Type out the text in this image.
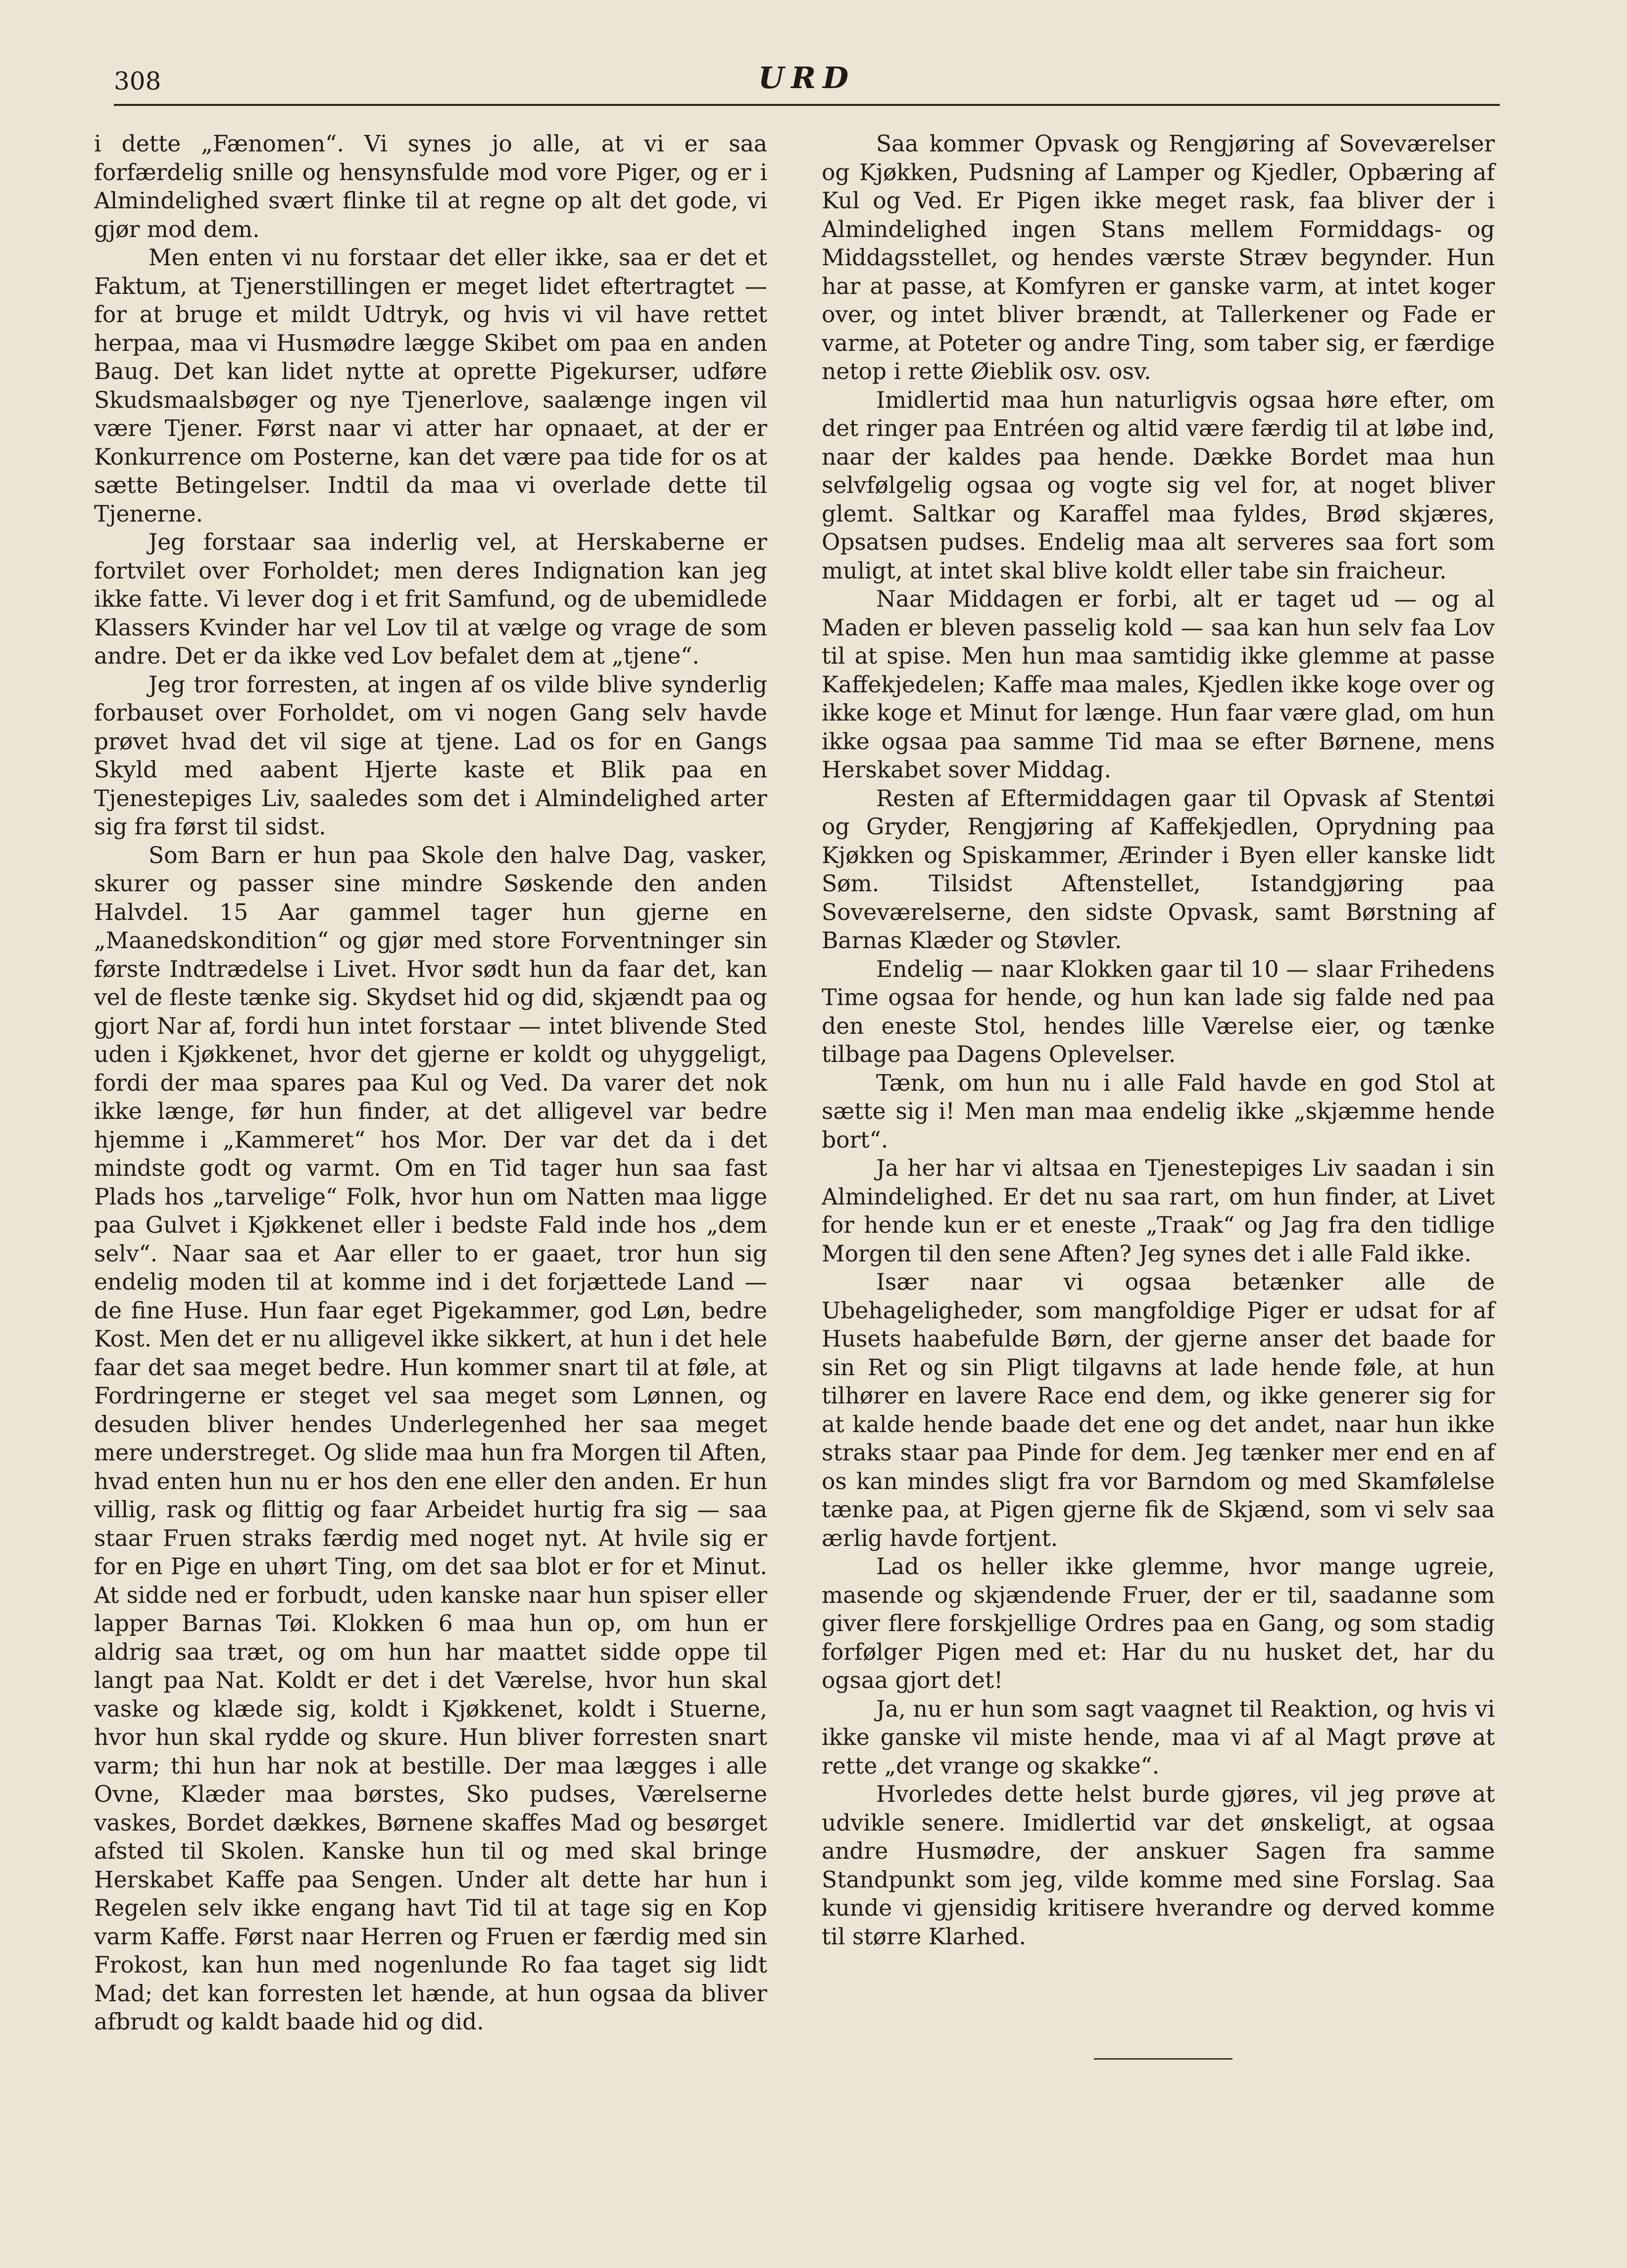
308	URD

i dette „Fænomen“. Vi synes jo alle, at vi er saa forfærdelig snille og hensynsfulde mod vore Piger, og er i Almindelighed svært flinke til at regne op alt det gode, vi gjør mod dem.

Men enten vi nu forstaar det eller ikke, saa er det et Faktum, at Tjenerstillingen er meget lidet eftertragtet — for at bruge et mildt Udtryk, og hvis vi vil have rettet herpaa, maa vi Husmødre lægge Skibet om paa en anden Baug. Det kan lidet nytte at oprette Pigekurser, udføre Skudsmaalsbøger og nye Tjenerlove, saalænge ingen vil være Tjener. Først naar vi atter har opnaaet, at der er Konkurrence om Posterne, kan det være paa tide for os at sætte Betingelser. Indtil da maa vi overlade dette til Tjenerne.

Jeg forstaar saa inderlig vel, at Herskaberne er fortvilet over Forholdet; men deres Indignation kan jeg ikke fatte. Vi lever dog i et frit Samfund, og de ubemidlede Klassers Kvinder har vel Lov til at vælge og vrage de som andre. Det er da ikke ved Lov befalet dem at „tjene“.

Jeg tror forresten, at ingen af os vilde blive synderlig forbauset over Forholdet, om vi nogen Gang selv havde prøvet hvad det vil sige at tjene. Lad os for en Gangs Skyld med aabent Hjerte kaste et Blik paa en Tjenestepiges Liv, saaledes som det i Almindelighed arter sig fra først til sidst.

Som Barn er hun paa Skole den halve Dag, vasker, skurer og passer sine mindre Søskende den anden Halvdel. 15 Aar gammel tager hun gjerne en „Maanedskondition“ og gjør med store Forventninger sin første Indtrædelse i Livet. Hvor sødt hun da faar det, kan vel de fleste tænke sig. Skydset hid og did, skjændt paa og gjort Nar af, fordi hun intet forstaar — intet blivende Sted uden i Kjøkkenet, hvor det gjerne er koldt og uhyggeligt, fordi der maa spares paa Kul og Ved. Da varer det nok ikke længe, før hun finder, at det alligevel var bedre hjemme i „Kammeret“ hos Mor. Der var det da i det mindste godt og varmt. Om en Tid tager hun saa fast Plads hos „tarvelige“ Folk, hvor hun om Natten maa ligge paa Gulvet i Kjøkkenet eller i bedste Fald inde hos „dem selv“. Naar saa et Aar eller to er gaaet, tror hun sig endelig moden til at komme ind i det forjættede Land — de fine Huse. Hun faar eget Pigekammer, god Løn, bedre Kost. Men det er nu alligevel ikke sikkert, at hun i det hele faar det saa meget bedre. Hun kommer snart til at føle, at Fordringerne er steget vel saa meget som Lønnen, og desuden bliver hendes Underlegenhed her saa meget mere understreget. Og slide maa hun fra Morgen til Aften, hvad enten hun nu er hos den ene eller den anden. Er hun villig, rask og flittig og faar Arbeidet hurtig fra sig — saa staar Fruen straks færdig med noget nyt. At hvile sig er for en Pige en uhørt Ting, om det saa blot er for et Minut. At sidde ned er forbudt, uden kanske naar hun spiser eller lapper Barnas Tøi. Klokken 6 maa hun op, om hun er aldrig saa træt, og om hun har maattet sidde oppe til langt paa Nat. Koldt er det i det Værelse, hvor hun skal vaske og klæde sig, koldt i Kjøkkenet, koldt i Stuerne, hvor hun skal rydde og skure. Hun bliver forresten snart varm; thi hun har nok at bestille. Der maa lægges i alle Ovne, Klæder maa børstes, Sko pudses, Værelserne vaskes, Bordet dækkes, Børnene skaffes Mad og besørget afsted til Skolen. Kanske hun til og med skal bringe Herskabet Kaffe paa Sengen. Under alt dette har hun i Regelen selv ikke engang havt Tid til at tage sig en Kop varm Kaffe. Først naar Herren og Fruen er færdig med sin Frokost, kan hun med nogenlunde Ro faa taget sig lidt Mad; det kan forresten let hænde, at hun ogsaa da bliver afbrudt og kaldt baade hid og did.

Saa kommer Opvask og Rengjøring af Soveværelser og Kjøkken, Pudsning af Lamper og Kjedler, Opbæring af Kul og Ved. Er Pigen ikke meget rask, faa bliver der i Almindelighed ingen Stans mellem Formiddags- og Middagsstellet, og hendes værste Stræv begynder. Hun har at passe, at Komfyren er ganske varm, at intet koger over, og intet bliver brændt, at Tallerkener og Fade er varme, at Poteter og andre Ting, som taber sig, er færdige netop i rette Øieblik osv. osv.

Imidlertid maa hun naturligvis ogsaa høre efter, om det ringer paa Entréen og altid være færdig til at løbe ind, naar der kaldes paa hende. Dække Bordet maa hun selvfølgelig ogsaa og vogte sig vel for, at noget bliver glemt. Saltkar og Karaffel maa fyldes, Brød skjæres, Opsatsen pudses. Endelig maa alt serveres saa fort som muligt, at intet skal blive koldt eller tabe sin fraicheur.

Naar Middagen er forbi, alt er taget ud — og al Maden er bleven passelig kold — saa kan hun selv faa Lov til at spise. Men hun maa samtidig ikke glemme at passe Kaffekjedelen; Kaffe maa males, Kjedlen ikke koge over og ikke koge et Minut for længe. Hun faar være glad, om hun ikke ogsaa paa samme Tid maa se efter Børnene, mens Herskabet sover Middag.

Resten af Eftermiddagen gaar til Opvask af Stentøi og Gryder, Rengjøring af Kaffekjedlen, Oprydning paa Kjøkken og Spiskammer, Ærinder i Byen eller kanske lidt Søm. Tilsidst Aftenstellet, Istandgjøring paa Soveværelserne, den sidste Opvask, samt Børstning af Barnas Klæder og Støvler.

Endelig — naar Klokken gaar til 10 — slaar Frihedens Time ogsaa for hende, og hun kan lade sig falde ned paa den eneste Stol, hendes lille Værelse eier, og tænke tilbage paa Dagens Oplevelser.

Tænk, om hun nu i alle Fald havde en god Stol at sætte sig i! Men man maa endelig ikke „skjæmme hende bort“.

Ja her har vi altsaa en Tjenestepiges Liv saadan i sin Almindelighed. Er det nu saa rart, om hun finder, at Livet for hende kun er et eneste „Traak“ og Jag fra den tidlige Morgen til den sene Aften? Jeg synes det i alle Fald ikke.

Især naar vi ogsaa betænker alle de Ubehageligheder, som mangfoldige Piger er udsat for af Husets haabefulde Børn, der gjerne anser det baade for sin Ret og sin Pligt tilgavns at lade hende føle, at hun tilhører en lavere Race end dem, og ikke generer sig for at kalde hende baade det ene og det andet, naar hun ikke straks staar paa Pinde for dem. Jeg tænker mer end en af os kan mindes sligt fra vor Barndom og med Skamfølelse tænke paa, at Pigen gjerne fik de Skjænd, som vi selv saa ærlig havde fortjent.

Lad os heller ikke glemme, hvor mange ugreie, masende og skjændende Fruer, der er til, saadanne som giver flere forskjellige Ordres paa en Gang, og som stadig forfølger Pigen med et: Har du nu husket det, har du ogsaa gjort det!

Ja, nu er hun som sagt vaagnet til Reaktion, og hvis vi ikke ganske vil miste hende, maa vi af al Magt prøve at rette „det vrange og skakke“.

Hvorledes dette helst burde gjøres, vil jeg prøve at udvikle senere. Imidlertid var det ønskeligt, at ogsaa andre Husmødre, der anskuer Sagen fra samme Standpunkt som jeg, vilde komme med sine Forslag. Saa kunde vi gjensidig kritisere hverandre og derved komme til større Klarhed.
